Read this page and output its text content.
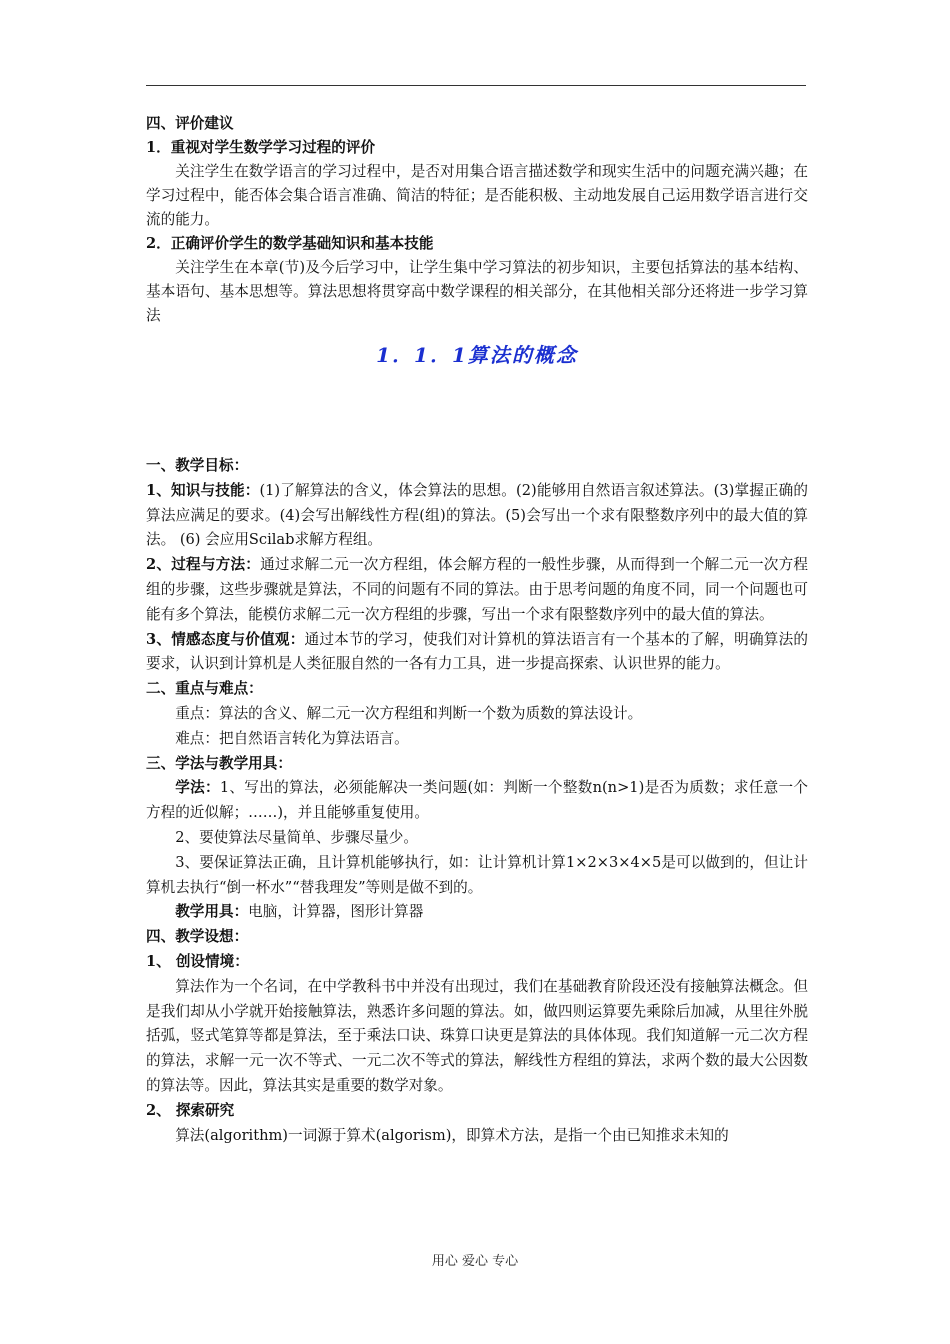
四、评价建议

1．重视对学生数学学习过程的评价

关注学生在数学语言的学习过程中，是否对用集合语言描述数学和现实生活中的问题充满兴趣；在学习过程中，能否体会集合语言准确、简洁的特征；是否能积极、主动地发展自己运用数学语言进行交流的能力。

2．正确评价学生的数学基础知识和基本技能

关注学生在本章(节)及今后学习中，让学生集中学习算法的初步知识，主要包括算法的基本结构、基本语句、基本思想等。算法思想将贯穿高中数学课程的相关部分，在其他相关部分还将进一步学习算法

1．1．1算法的概念

一、教学目标：

1、知识与技能：(1)了解算法的含义，体会算法的思想。(2)能够用自然语言叙述算法。(3)掌握正确的算法应满足的要求。(4)会写出解线性方程(组)的算法。(5)会写出一个求有限整数序列中的最大值的算法。 (6) 会应用Scilab求解方程组。

2、过程与方法：通过求解二元一次方程组，体会解方程的一般性步骤，从而得到一个解二元一次方程组的步骤，这些步骤就是算法，不同的问题有不同的算法。由于思考问题的角度不同，同一个问题也可能有多个算法，能模仿求解二元一次方程组的步骤，写出一个求有限整数序列中的最大值的算法。

3、情感态度与价值观：通过本节的学习，使我们对计算机的算法语言有一个基本的了解，明确算法的要求，认识到计算机是人类征服自然的一各有力工具，进一步提高探索、认识世界的能力。

二、重点与难点：

重点：算法的含义、解二元一次方程组和判断一个数为质数的算法设计。

难点：把自然语言转化为算法语言。

三、学法与教学用具：

学法：1、写出的算法，必须能解决一类问题(如：判断一个整数n(n>1)是否为质数；求任意一个方程的近似解；……)，并且能够重复使用。

2、要使算法尽量简单、步骤尽量少。

3、要保证算法正确，且计算机能够执行，如：让计算机计算1×2×3×4×5是可以做到的，但让计算机去执行“倒一杯水”“替我理发”等则是做不到的。

教学用具：电脑，计算器，图形计算器

四、教学设想：

1、 创设情境：

算法作为一个名词，在中学教科书中并没有出现过，我们在基础教育阶段还没有接触算法概念。但是我们却从小学就开始接触算法，熟悉许多问题的算法。如，做四则运算要先乘除后加减，从里往外脱括弧，竖式笔算等都是算法，至于乘法口诀、珠算口诀更是算法的具体体现。我们知道解一元二次方程的算法，求解一元一次不等式、一元二次不等式的算法，解线性方程组的算法，求两个数的最大公因数的算法等。因此，算法其实是重要的数学对象。

2、 探索研究

算法(algorithm)一词源于算术(algorism)，即算术方法，是指一个由已知推求未知的

用心 爱心 专心
